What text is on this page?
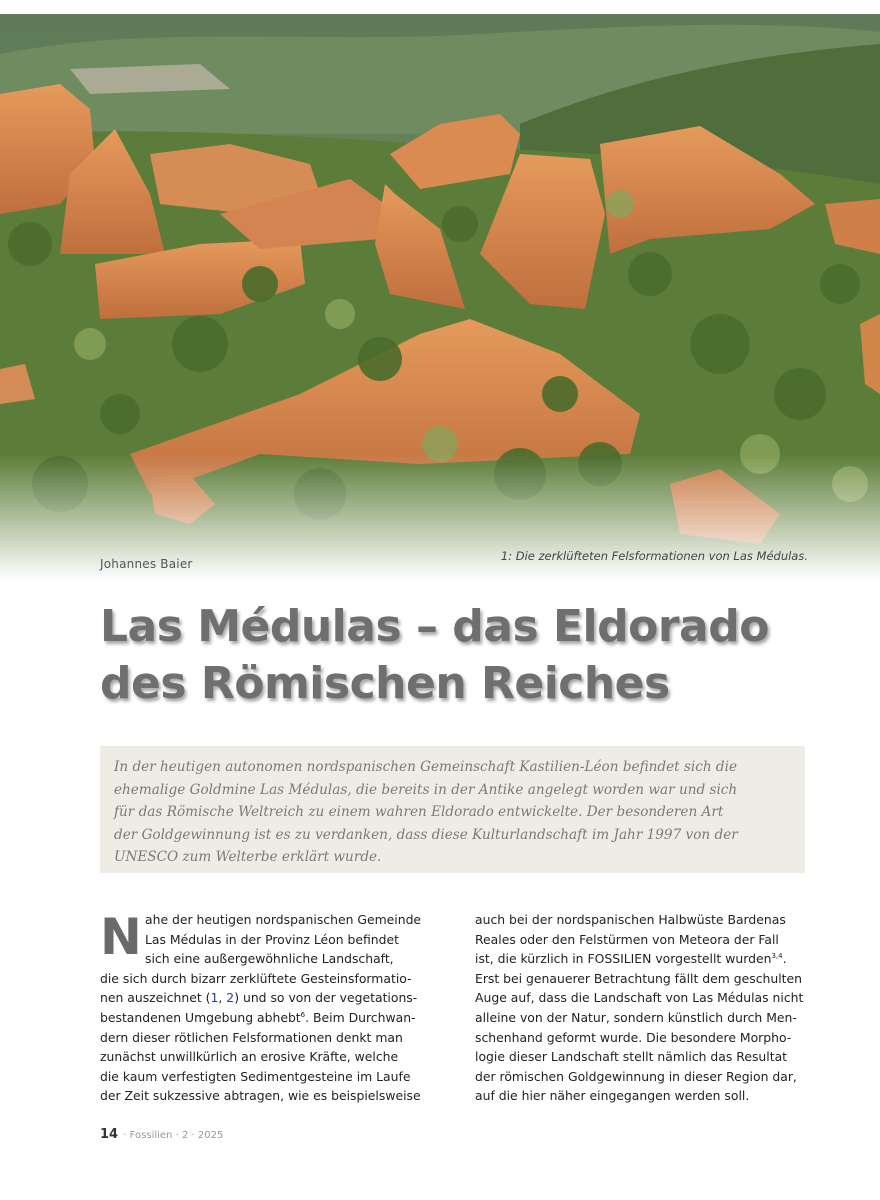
Johannes Baier
1: Die zerklüfteten Felsformationen von Las Médulas.
Las Médulas – das Eldorado
des Römischen Reiches
In der heutigen autonomen nordspanischen Gemeinschaft Kastilien-Léon befindet sich die
ehemalige Goldmine Las Médulas, die bereits in der Antike angelegt worden war und sich
für das Römische Weltreich zu einem wahren Eldorado entwickelte. Der besonderen Art
der Goldgewinnung ist es zu verdanken, dass diese Kulturlandschaft im Jahr 1997 von der
UNESCO zum Welterbe erklärt wurde.
N ahe der heutigen nordspanischen Gemeinde
Las Médulas in der Provinz Léon befindet
sich eine außergewöhnliche Landschaft,
die sich durch bizarr zerklüftete Gesteinsformatio-
nen auszeichnet (1, 2) und so von der vegetations-
bestandenen Umgebung abhebt$^6$. Beim Durchwan-
dern dieser rötlichen Felsformationen denkt man
zunächst unwillkürlich an erosive Kräfte, welche
die kaum verfestigten Sedimentgesteine im Laufe
der Zeit sukzessive abtragen, wie es beispielsweise
auch bei der nordspanischen Halbwüste Bardenas
Reales oder den Felstürmen von Meteora der Fall
ist, die kürzlich in FOSSILIEN vorgestellt wurden$^{3,4}$.
Erst bei genauerer Betrachtung fällt dem geschulten
Auge auf, dass die Landschaft von Las Médulas nicht
alleine von der Natur, sondern künstlich durch Men-
schenhand geformt wurde. Die besondere Morpho-
logie dieser Landschaft stellt nämlich das Resultat
der römischen Goldgewinnung in dieser Region dar,
auf die hier näher eingegangen werden soll.
14 · Fossilien · 2 · 2025
